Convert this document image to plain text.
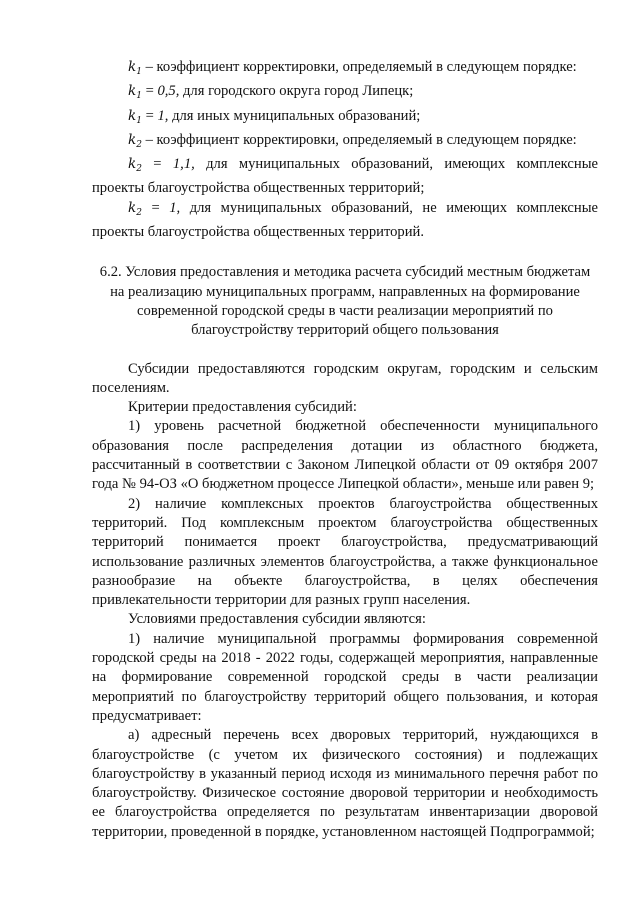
$k_1$ – коэффициент корректировки, определяемый в следующем порядке:

$k_1 = 0,5$, для городского округа город Липецк;

$k_1 = 1$, для иных муниципальных образований;

$k_2$ – коэффициент корректировки, определяемый в следующем порядке:

$k_2 = 1,1$, для муниципальных образований, имеющих комплексные проекты благоустройства общественных территорий;

$k_2 = 1$, для муниципальных образований, не имеющих комплексные проекты благоустройства общественных территорий.

6.2. Условия предоставления и методика расчета субсидий местным бюджетам на реализацию муниципальных программ, направленных на формирование современной городской среды в части реализации мероприятий по благоустройству территорий общего пользования

Субсидии предоставляются городским округам, городским и сельским поселениям.

Критерии предоставления субсидий:

1) уровень расчетной бюджетной обеспеченности муниципального образования после распределения дотации из областного бюджета, рассчитанный в соответствии с Законом Липецкой области от 09 октября 2007 года № 94-ОЗ «О бюджетном процессе Липецкой области», меньше или равен 9;

2) наличие комплексных проектов благоустройства общественных территорий. Под комплексным проектом благоустройства общественных территорий понимается проект благоустройства, предусматривающий использование различных элементов благоустройства, а также функциональное разнообразие на объекте благоустройства, в целях обеспечения привлекательности территории для разных групп населения.

Условиями предоставления субсидии являются:

1) наличие муниципальной программы формирования современной городской среды на 2018 - 2022 годы, содержащей мероприятия, направленные на формирование современной городской среды в части реализации мероприятий по благоустройству территорий общего пользования, и которая предусматривает:

а) адресный перечень всех дворовых территорий, нуждающихся в благоустройстве (с учетом их физического состояния) и подлежащих благоустройству в указанный период исходя из минимального перечня работ по благоустройству. Физическое состояние дворовой территории и необходимость ее благоустройства определяется по результатам инвентаризации дворовой территории, проведенной в порядке, установленном настоящей Подпрограммой;
